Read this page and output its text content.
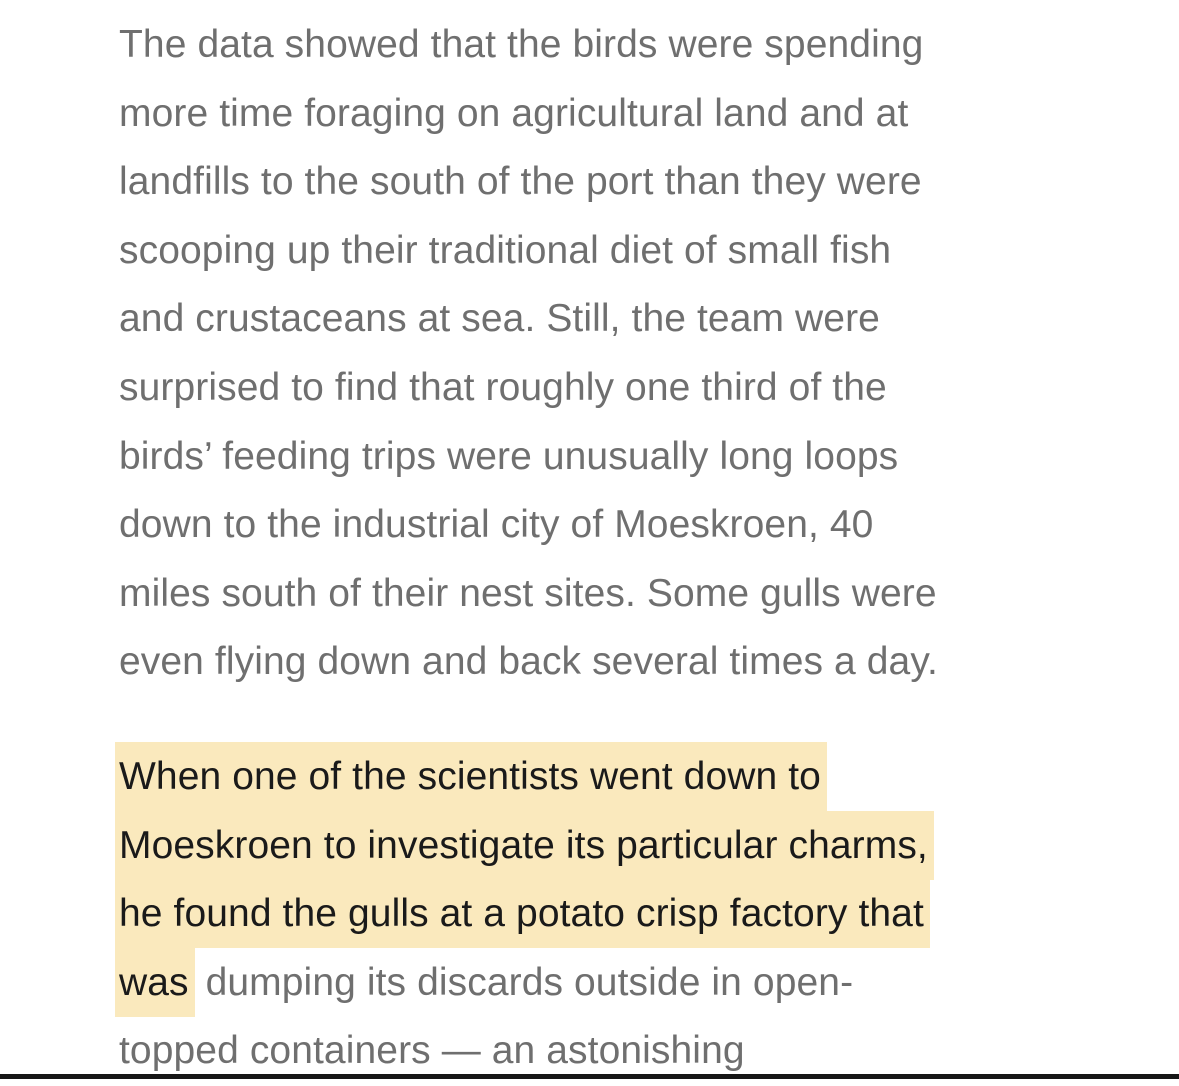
The data showed that the birds were spending
more time foraging on agricultural land and at
landfills to the south of the port than they were
scooping up their traditional diet of small fish
and crustaceans at sea. Still, the team were
surprised to find that roughly one third of the
birds’ feeding trips were unusually long loops
down to the industrial city of Moeskroen, 40
miles south of their nest sites. Some gulls were
even flying down and back several times a day.
When one of the scientists went down to
Moeskroen to investigate its particular charms,
he found the gulls at a potato crisp factory that
was dumping its discards outside in open-
topped containers — an astonishing
